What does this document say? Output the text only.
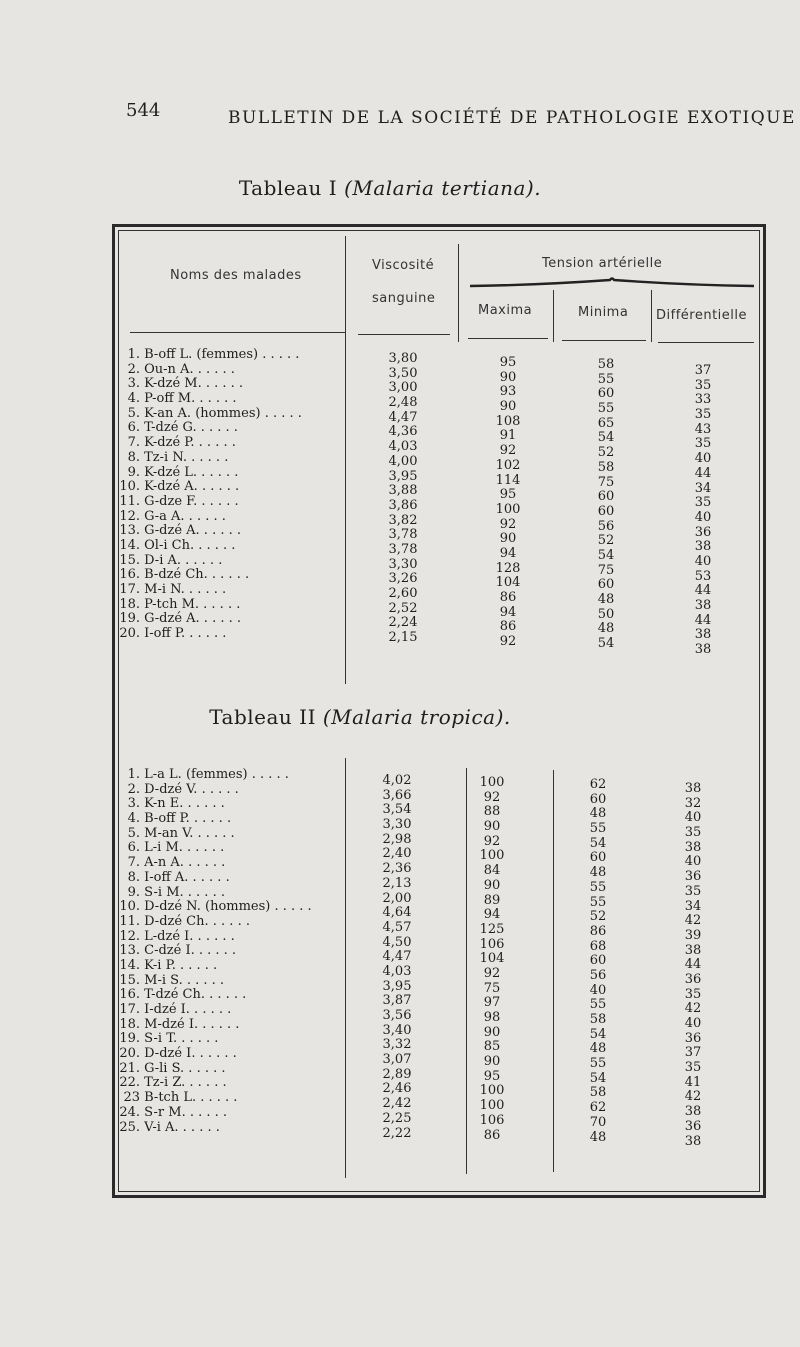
544	BULLETIN DE LA SOCIÉTÉ DE PATHOLOGIE EXOTIQUE
Tableau I (Malaria tertiana).
Noms des malades
Viscosité
sanguine
Tension artérielle
Maxima	Minima Différentielle
1. B-off L. (femmes) . . . . .
2. Ou-n A. . . . . .
3. K-dzé M. . . . . .
4. P-off M. . . . . .
5. K-an A. (hommes) . . . . .
6. T-dzé G. . . . . .
7. K-dzé P. . . . . .
8. Tz-i N. . . . . .
9. K-dzé L. . . . . .
10. K-dzé A. . . . . .
11. G-dze F. . . . . .
12. G-a A. . . . . .
13. G-dzé A. . . . . .
14. Ol-i Ch. . . . . .
15. D-i A. . . . . .
16. B-dzé Ch. . . . . .
17. M-i N. . . . . .
18. P-tch M. . . . . .
19. G-dzé A. . . . . .
20. I-off P. . . . . .
3,80
3,50
3,00
2,48
4,47
4,36
4,03
4,00
3,95
3,88
3,86
3,82
3,78
3,78
3,30
3,26
2,60
2,52
2,24
2,15
95
90
93
90
108
91
92
102
114
95
100
92
90
94
128
104
86
94
86
92
58
55
60
55
65
54
52
58
75
60
60
56
52
54
75
60
48
50
48
54
37
35
33
35
43
35
40
44
34
35
40
36
38
40
53
44
38
44
38
38
Tableau II (Malaria tropica).
1. L-a L. (femmes) . . . . .
2. D-dzé V. . . . . .
3. K-n E. . . . . .
4. B-off P. . . . . .
5. M-an V. . . . . .
6. L-i M. . . . . .
7. A-n A. . . . . .
8. I-off A. . . . . .
9. S-i M. . . . . .
10. D-dzé N. (hommes) . . . . .
11. D-dzé Ch. . . . . .
12. L-dzé I. . . . . .
13. C-dzé I. . . . . .
14. K-i P. . . . . .
15. M-i S. . . . . .
16. T-dzé Ch. . . . . .
17. I-dzé I. . . . . .
18. M-dzé I. . . . . .
19. S-i T. . . . . .
20. D-dzé I. . . . . .
21. G-li S. . . . . .
22. Tz-i Z. . . . . .
23 B-tch L. . . . . .
24. S-r M. . . . . .
25. V-i A. . . . . .
4,02
3,66
3,54
3,30
2,98
2,40
2,36
2,13
2,00
4,64
4,57
4,50
4,47
4,03
3,95
3,87
3,56
3,40
3,32
3,07
2,89
2,46
2,42
2,25
2,22
100
92
88
90
92
100
84
90
89
94
125
106
104
92
75
97
98
90
85
90
95
100
100
106
86
62
60
48
55
54
60
48
55
55
52
86
68
60
56
40
55
58
54
48
55
54
58
62
70
48
38
32
40
35
38
40
36
35
34
42
39
38
44
36
35
42
40
36
37
35
41
42
38
36
38
